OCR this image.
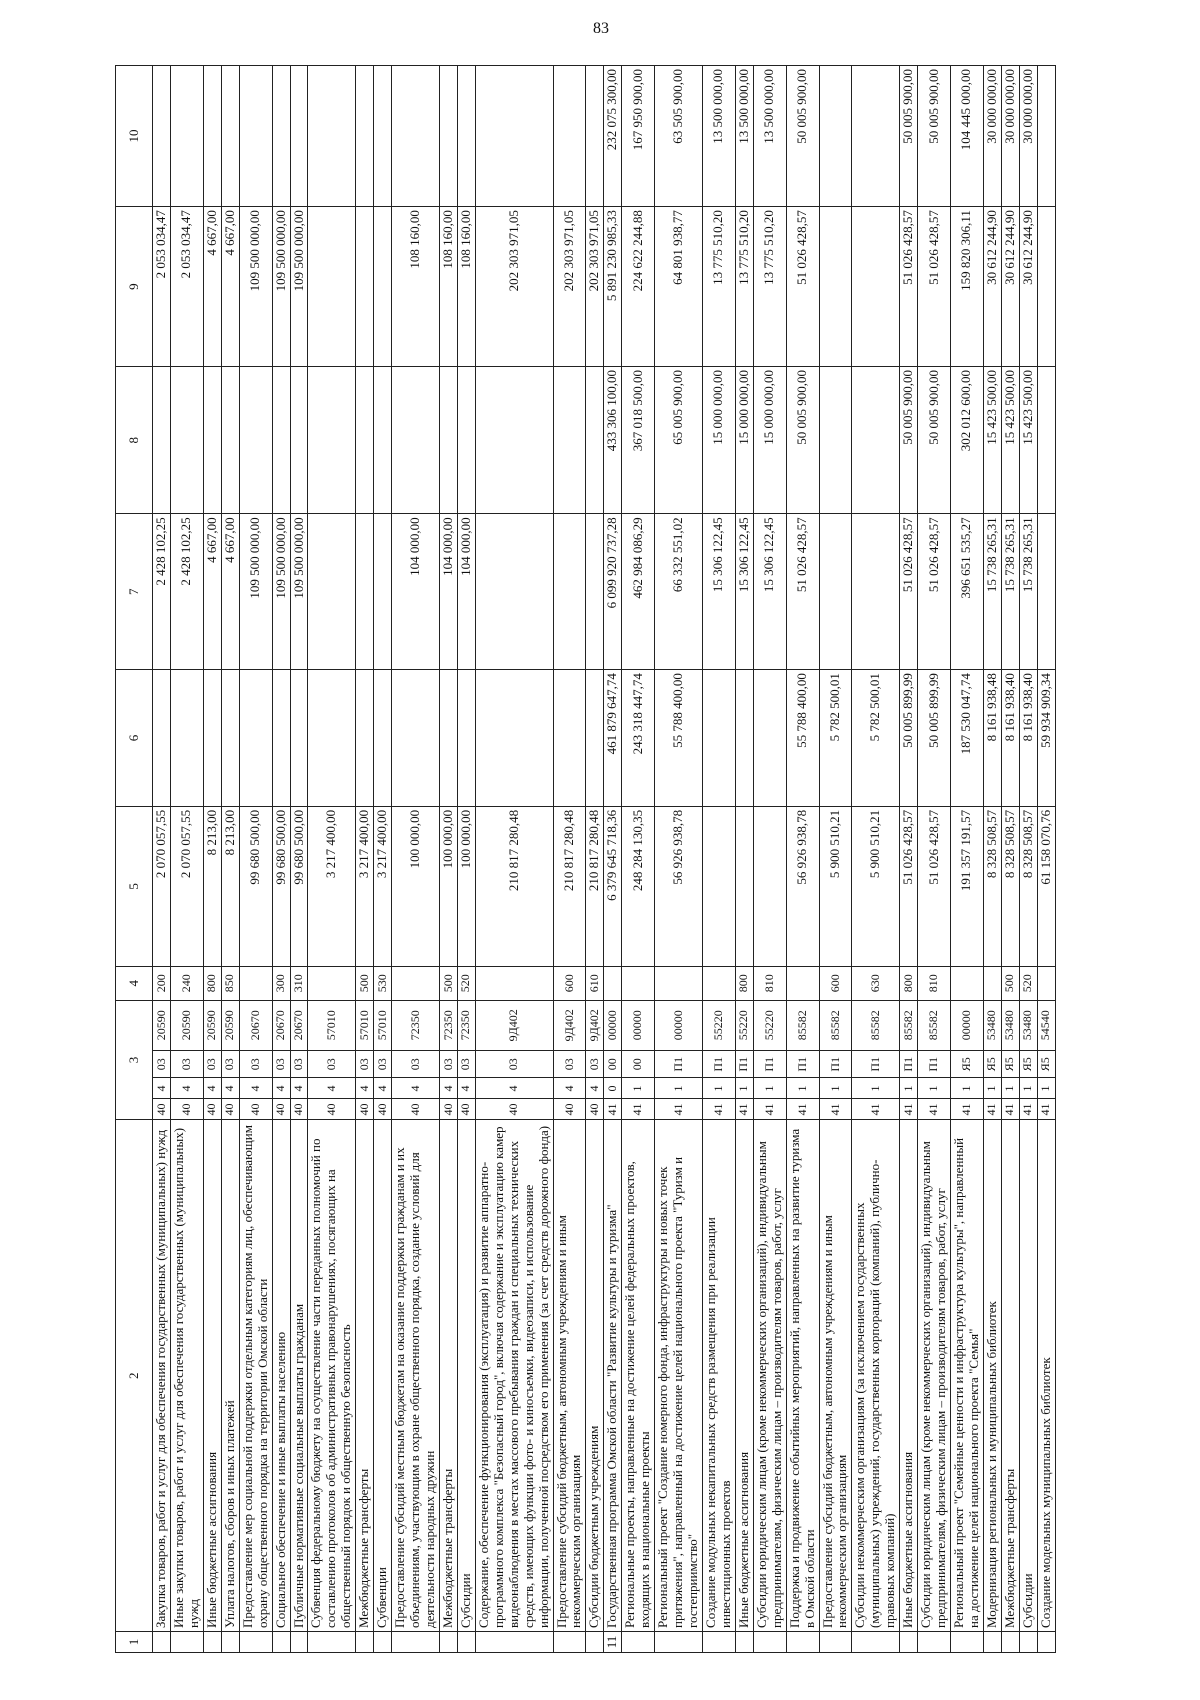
83
1	2	3				4	5	6	7	8	9	10
	Закупка товаров, работ и услуг для обеспечения государственных (муниципальных) нужд	40	4	03	20590	200	2 070 057,55		2 428 102,25		2 053 034,47	
	Иные закупки товаров, работ и услуг для обеспечения государственных (муниципальных) нужд	40	4	03	20590	240	2 070 057,55		2 428 102,25		2 053 034,47	
	Иные бюджетные ассигнования	40	4	03	20590	800	8 213,00		4 667,00		4 667,00	
	Уплата налогов, сборов и иных платежей	40	4	03	20590	850	8 213,00		4 667,00		4 667,00	
	Предоставление мер социальной поддержки отдельным категориям лиц, обеспечивающим охрану общественного порядка на территории Омской области	40	4	03	20670		99 680 500,00		109 500 000,00		109 500 000,00	
	Социальное обеспечение и иные выплаты населению	40	4	03	20670	300	99 680 500,00		109 500 000,00		109 500 000,00	
	Публичные нормативные социальные выплаты гражданам	40	4	03	20670	310	99 680 500,00		109 500 000,00		109 500 000,00	
	Субвенция федеральному бюджету на осуществление части переданных полномочий по составлению протоколов об административных правонарушениях, посягающих на общественный порядок и общественную безопасность	40	4	03	57010		3 217 400,00					
	Межбюджетные трансферты	40	4	03	57010	500	3 217 400,00					
	Субвенции	40	4	03	57010	530	3 217 400,00					
	Предоставление субсидий местным бюджетам на оказание поддержки гражданам и их объединениям, участвующим в охране общественного порядка, создание условий для деятельности народных дружин	40	4	03	72350		100 000,00		104 000,00		108 160,00	
	Межбюджетные трансферты	40	4	03	72350	500	100 000,00		104 000,00		108 160,00	
	Субсидии	40	4	03	72350	520	100 000,00		104 000,00		108 160,00	
	Содержание, обеспечение функционирования (эксплуатация) и развитие аппаратно-программного комплекса "Безопасный город", включая содержание и эксплуатацию камер видеонаблюдения в местах массового пребывания граждан и специальных технических средств, имеющих функции фото- и киносъемки, видеозаписи, и использование информации, полученной посредством его применения (за счет средств дорожного фонда)	40	4	03	9Д402		210 817 280,48				202 303 971,05	
	Предоставление субсидий бюджетным, автономным учреждениям и иным некоммерческим организациям	40	4	03	9Д402	600	210 817 280,48				202 303 971,05	
	Субсидии бюджетным учреждениям	40	4	03	9Д402	610	210 817 280,48				202 303 971,05	
11	Государственная программа Омской области "Развитие культуры и туризма"	41	0	00	00000		6 379 645 718,36	461 879 647,74	6 099 920 737,28	433 306 100,00	5 891 230 985,33	232 075 300,00
	Региональные проекты, направленные на достижение целей федеральных проектов, входящих в национальные проекты	41	1	00	00000		248 284 130,35	243 318 447,74	462 984 086,29	367 018 500,00	224 622 244,88	167 950 900,00
	Региональный проект "Создание номерного фонда, инфраструктуры и новых точек притяжения", направленный на достижение целей национального проекта "Туризм и гостеприимство"	41	1	П1	00000		56 926 938,78	55 788 400,00	66 332 551,02	65 005 900,00	64 801 938,77	63 505 900,00
	Создание модульных некапитальных средств размещения при реализации инвестиционных проектов	41	1	П1	55220				15 306 122,45	15 000 000,00	13 775 510,20	13 500 000,00
	Иные бюджетные ассигнования	41	1	П1	55220	800			15 306 122,45	15 000 000,00	13 775 510,20	13 500 000,00
	Субсидии юридическим лицам (кроме некоммерческих организаций), индивидуальным предпринимателям, физическим лицам – производителям товаров, работ, услуг	41	1	П1	55220	810			15 306 122,45	15 000 000,00	13 775 510,20	13 500 000,00
	Поддержка и продвижение событийных мероприятий, направленных на развитие туризма в Омской области	41	1	П1	85582		56 926 938,78	55 788 400,00	51 026 428,57	50 005 900,00	51 026 428,57	50 005 900,00
	Предоставление субсидий бюджетным, автономным учреждениям и иным некоммерческим организациям	41	1	П1	85582	600	5 900 510,21	5 782 500,01				
	Субсидии некоммерческим организациям (за исключением государственных (муниципальных) учреждений, государственных корпораций (компаний), публично-правовых компаний)	41	1	П1	85582	630	5 900 510,21	5 782 500,01				
	Иные бюджетные ассигнования	41	1	П1	85582	800	51 026 428,57	50 005 899,99	51 026 428,57	50 005 900,00	51 026 428,57	50 005 900,00
	Субсидии юридическим лицам (кроме некоммерческих организаций), индивидуальным предпринимателям, физическим лицам – производителям товаров, работ, услуг	41	1	П1	85582	810	51 026 428,57	50 005 899,99	51 026 428,57	50 005 900,00	51 026 428,57	50 005 900,00
	Региональный проект "Семейные ценности и инфраструктура культуры", направленный на достижение целей национального проекта "Семья"	41	1	Я5	00000		191 357 191,57	187 530 047,74	396 651 535,27	302 012 600,00	159 820 306,11	104 445 000,00
	Модернизация региональных и муниципальных библиотек	41	1	Я5	53480		8 328 508,57	8 161 938,48	15 738 265,31	15 423 500,00	30 612 244,90	30 000 000,00
	Межбюджетные трансферты	41	1	Я5	53480	500	8 328 508,57	8 161 938,40	15 738 265,31	15 423 500,00	30 612 244,90	30 000 000,00
	Субсидии	41	1	Я5	53480	520	8 328 508,57	8 161 938,40	15 738 265,31	15 423 500,00	30 612 244,90	30 000 000,00
	Создание модельных муниципальных библиотек	41	1	Я5	54540		61 158 070,76	59 934 909,34				
